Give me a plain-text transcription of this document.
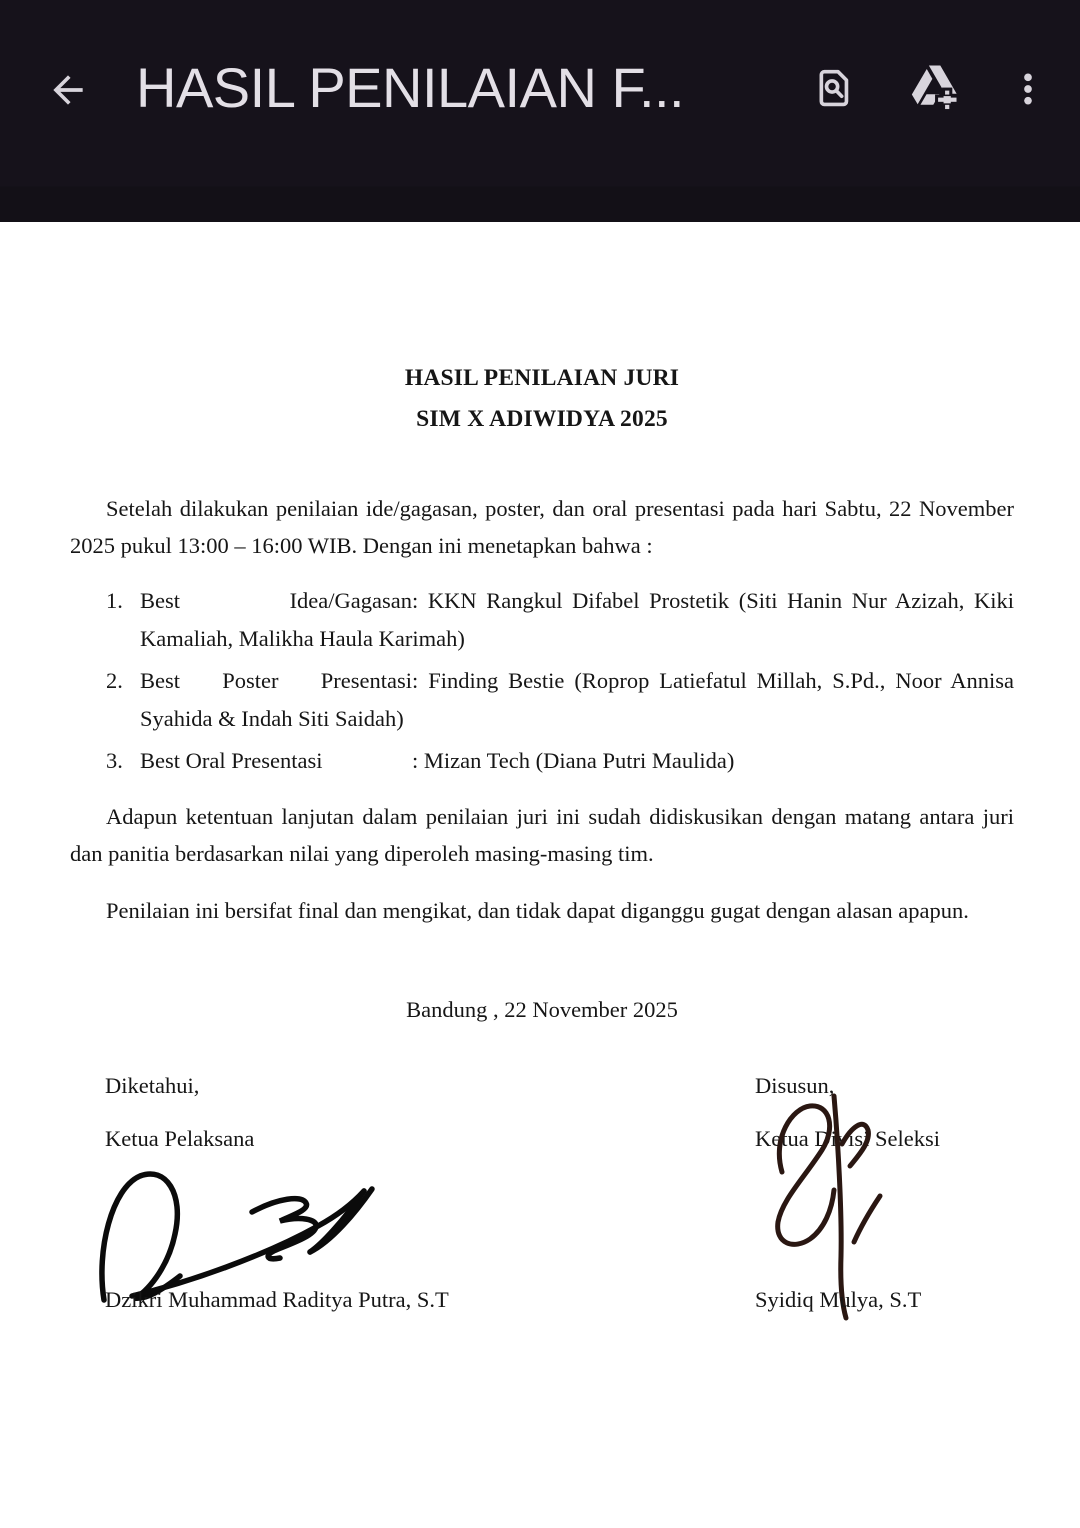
HASIL PENILAIAN F...
HASIL PENILAIAN JURI
SIM X ADIWIDYA 2025
Setelah dilakukan penilaian ide/gagasan, poster, dan oral presentasi pada hari Sabtu, 22 November
2025 pukul 13:00 – 16:00 WIB. Dengan ini menetapkan bahwa :
1. Best Idea/Gagasan: KKN Rangkul Difabel Prostetik (Siti Hanin Nur Azizah, Kiki
Kamaliah, Malikha Haula Karimah)
2. Best Poster Presentasi: Finding Bestie (Roprop Latiefatul Millah, S.Pd., Noor Annisa
Syahida & Indah Siti Saidah)
3. Best Oral Presentasi	: Mizan Tech (Diana Putri Maulida)
Adapun ketentuan lanjutan dalam penilaian juri ini sudah didiskusikan dengan matang antara juri
dan panitia berdasarkan nilai yang diperoleh masing-masing tim.
Penilaian ini bersifat final dan mengikat, dan tidak dapat diganggu gugat dengan alasan apapun.
Bandung , 22 November 2025
Diketahui,	Disusun,
Ketua Pelaksana	Ketua Divisi Seleksi
Dzikri Muhammad Raditya Putra, S.T	Syidiq Mulya, S.T
